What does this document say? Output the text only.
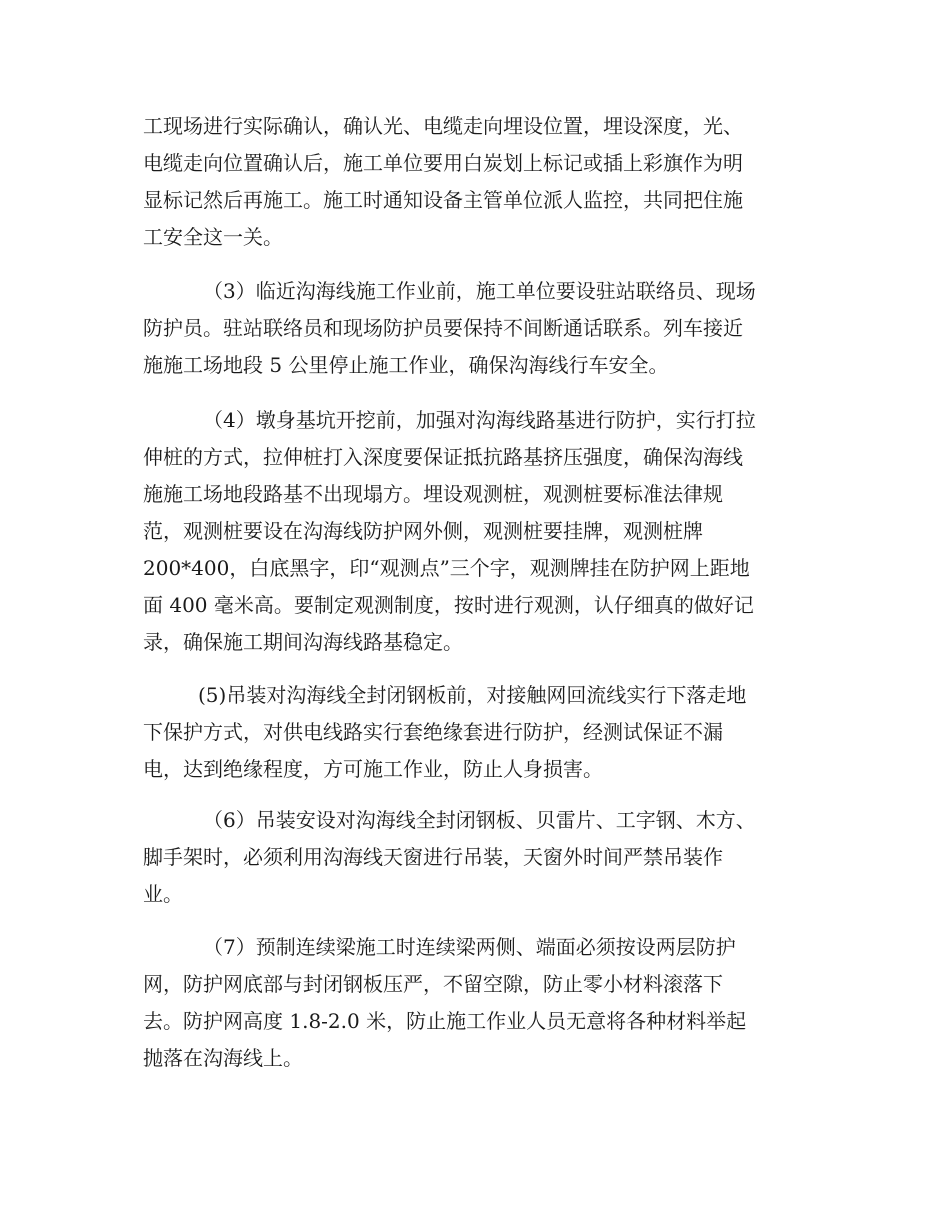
工现场进行实际确认，确认光、电缆走向埋设位置，埋设深度，光、
电缆走向位置确认后，施工单位要用白炭划上标记或插上彩旗作为明
显标记然后再施工。施工时通知设备主管单位派人监控，共同把住施
工安全这一关。
（3）临近沟海线施工作业前，施工单位要设驻站联络员、现场
防护员。驻站联络员和现场防护员要保持不间断通话联系。列车接近
施施工场地段 5 公里停止施工作业，确保沟海线行车安全。
（4）墩身基坑开挖前，加强对沟海线路基进行防护，实行打拉
伸桩的方式，拉伸桩打入深度要保证抵抗路基挤压强度，确保沟海线
施施工场地段路基不出现塌方。埋设观测桩，观测桩要标准法律规
范，观测桩要设在沟海线防护网外侧，观测桩要挂牌，观测桩牌
200*400，白底黑字，印“观测点”三个字，观测牌挂在防护网上距地
面 400 毫米高。要制定观测制度，按时进行观测，认仔细真的做好记
录，确保施工期间沟海线路基稳定。
(5)吊装对沟海线全封闭钢板前，对接触网回流线实行下落走地
下保护方式，对供电线路实行套绝缘套进行防护，经测试保证不漏
电，达到绝缘程度，方可施工作业，防止人身损害。
（6）吊装安设对沟海线全封闭钢板、贝雷片、工字钢、木方、
脚手架时，必须利用沟海线天窗进行吊装，天窗外时间严禁吊装作
业。
（7）预制连续梁施工时连续梁两侧、端面必须按设两层防护
网，防护网底部与封闭钢板压严，不留空隙，防止零小材料滚落下
去。防护网高度 1.8-2.0 米，防止施工作业人员无意将各种材料举起
抛落在沟海线上。
